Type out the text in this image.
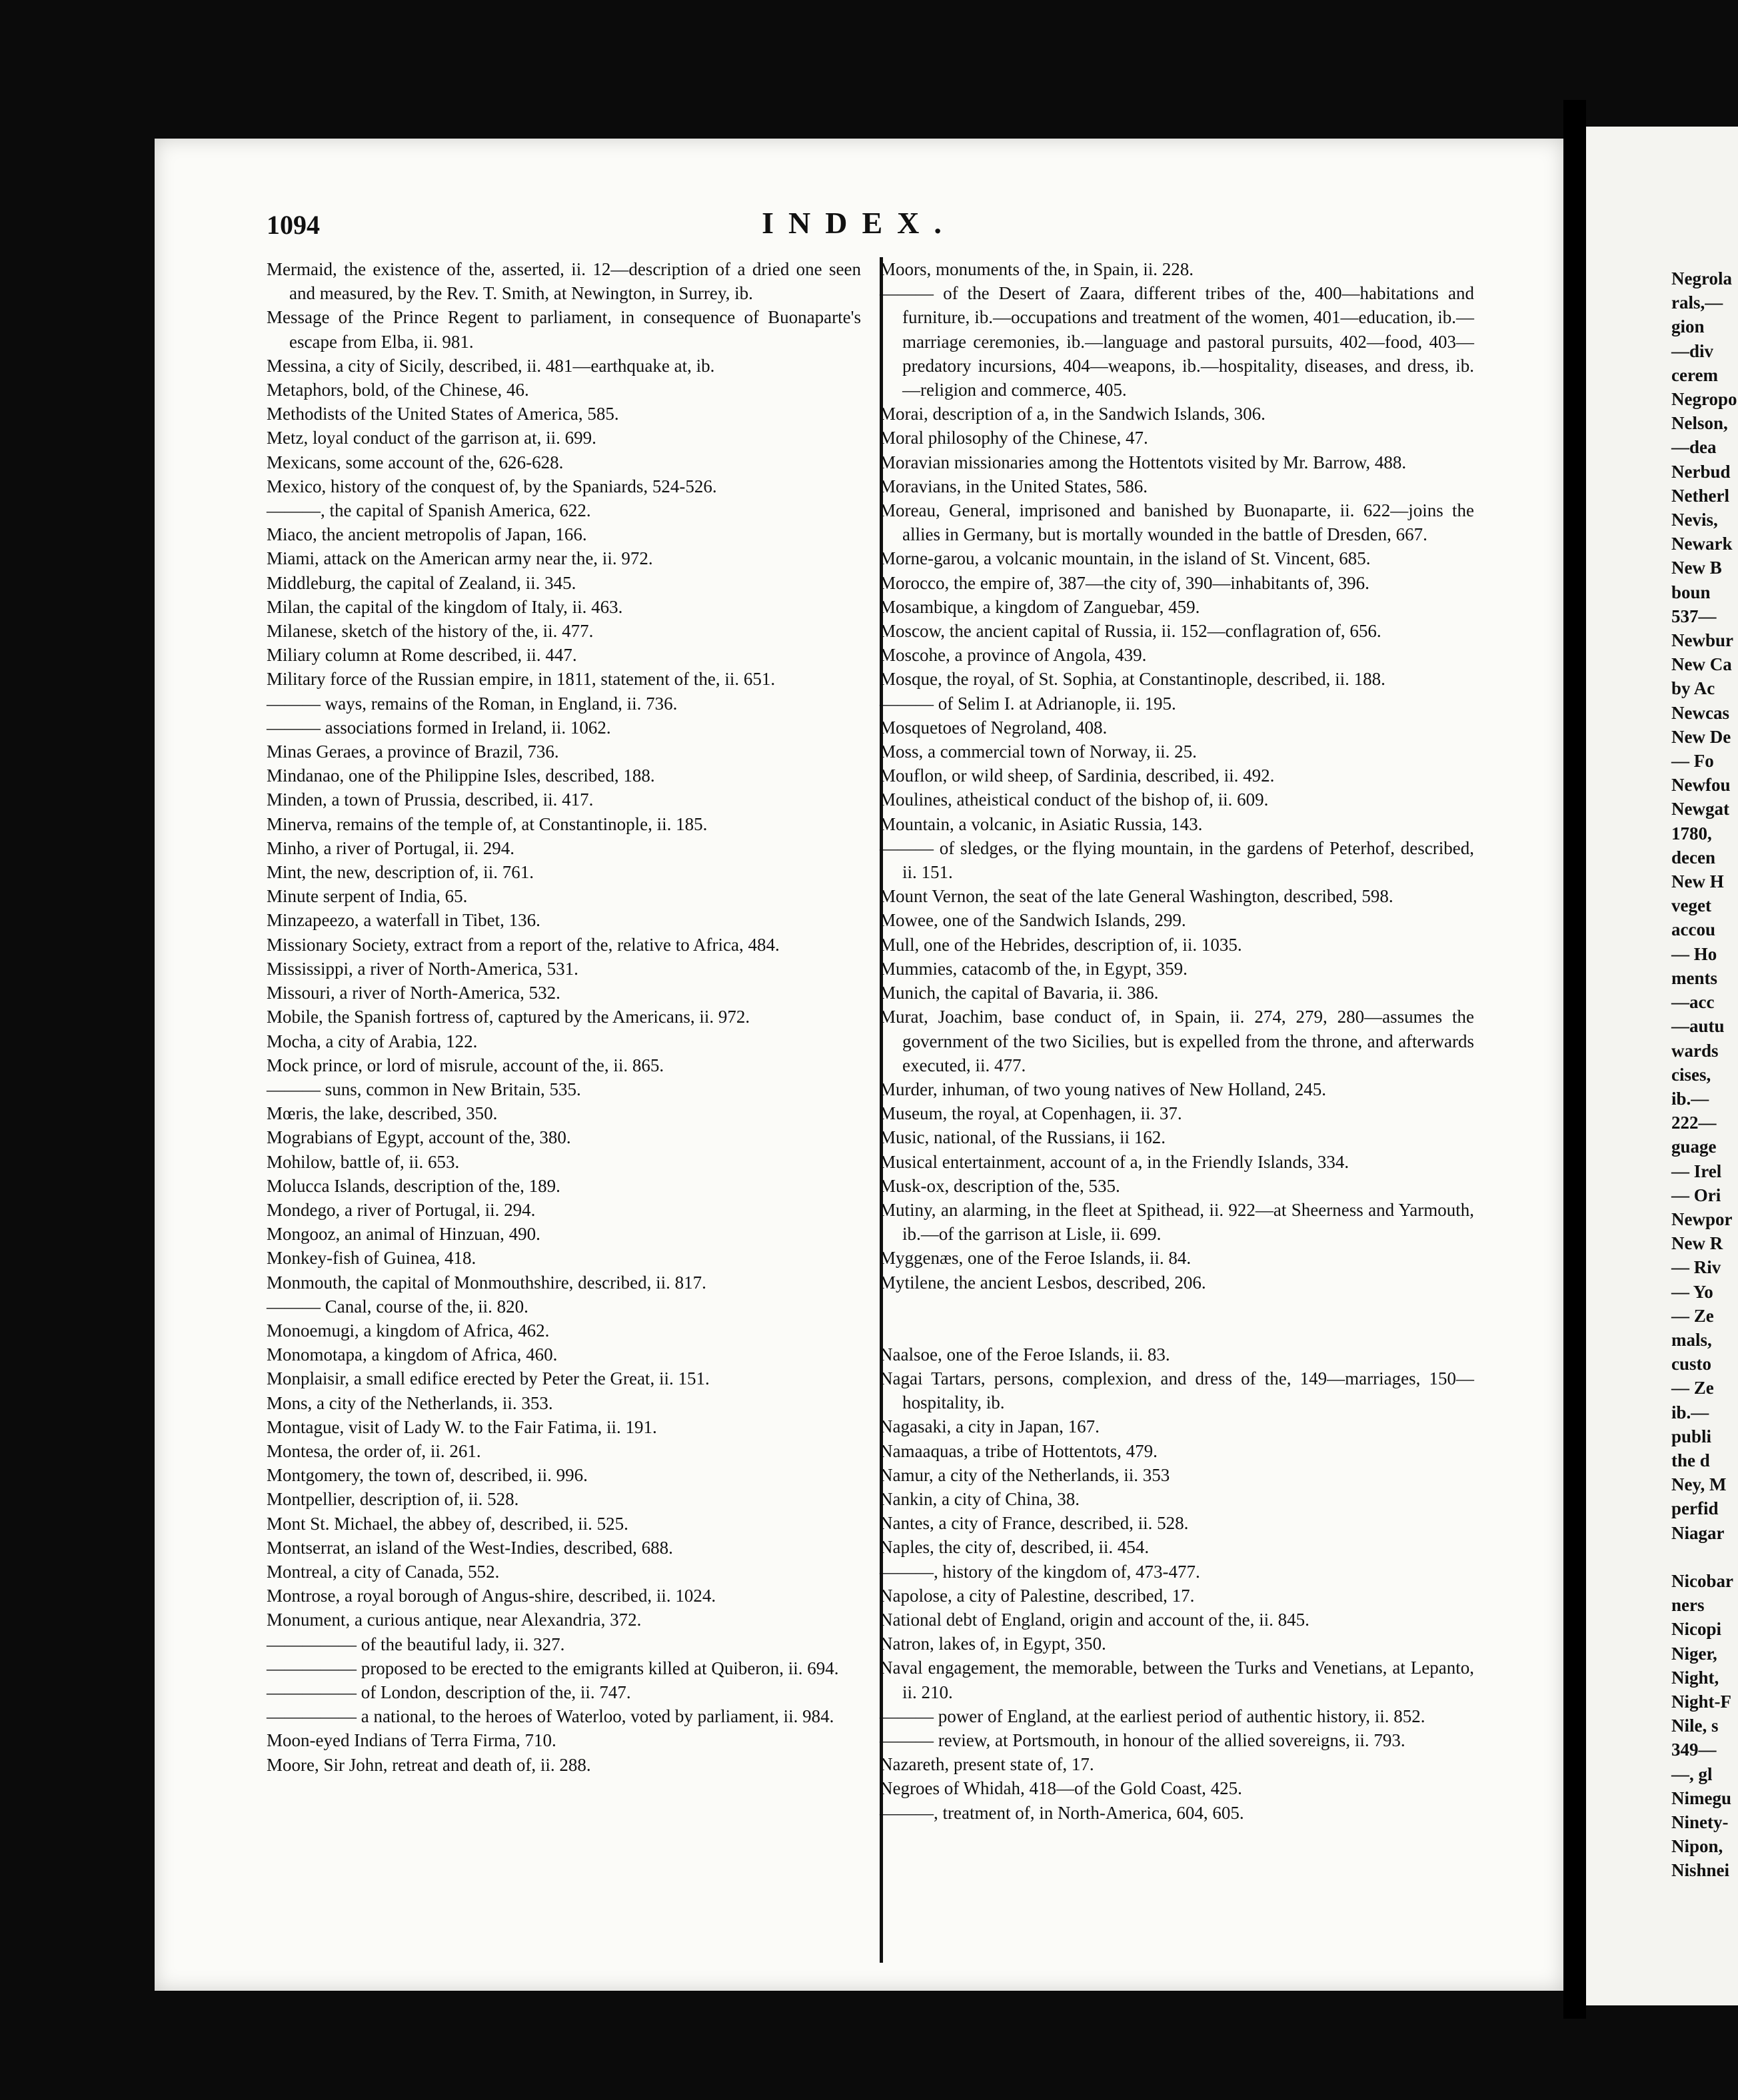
1094	INDEX.
Mermaid, the existence of the, asserted, ii. 12—description of a dried one seen and measured, by the Rev. T. Smith, at Newington, in Surrey, ib.
Message of the Prince Regent to parliament, in consequence of Buonaparte's escape from Elba, ii. 981.
Messina, a city of Sicily, described, ii. 481—earthquake at, ib.
Metaphors, bold, of the Chinese, 46.
Methodists of the United States of America, 585.
Metz, loyal conduct of the garrison at, ii. 699.
Mexicans, some account of the, 626-628.
Mexico, history of the conquest of, by the Spaniards, 524-526.
———, the capital of Spanish America, 622.
Miaco, the ancient metropolis of Japan, 166.
Miami, attack on the American army near the, ii. 972.
Middleburg, the capital of Zealand, ii. 345.
Milan, the capital of the kingdom of Italy, ii. 463.
Milanese, sketch of the history of the, ii. 477.
Miliary column at Rome described, ii. 447.
Military force of the Russian empire, in 1811, statement of the, ii. 651.
——— ways, remains of the Roman, in England, ii. 736.
——— associations formed in Ireland, ii. 1062.
Minas Geraes, a province of Brazil, 736.
Mindanao, one of the Philippine Isles, described, 188.
Minden, a town of Prussia, described, ii. 417.
Minerva, remains of the temple of, at Constantinople, ii. 185.
Minho, a river of Portugal, ii. 294.
Mint, the new, description of, ii. 761.
Minute serpent of India, 65.
Minzapeezo, a waterfall in Tibet, 136.
Missionary Society, extract from a report of the, relative to Africa, 484.
Mississippi, a river of North-America, 531.
Missouri, a river of North-America, 532.
Mobile, the Spanish fortress of, captured by the Americans, ii. 972.
Mocha, a city of Arabia, 122.
Mock prince, or lord of misrule, account of the, ii. 865.
——— suns, common in New Britain, 535.
Mœris, the lake, described, 350.
Mograbians of Egypt, account of the, 380.
Mohilow, battle of, ii. 653.
Molucca Islands, description of the, 189.
Mondego, a river of Portugal, ii. 294.
Mongooz, an animal of Hinzuan, 490.
Monkey-fish of Guinea, 418.
Monmouth, the capital of Monmouthshire, described, ii. 817.
——— Canal, course of the, ii. 820.
Monoemugi, a kingdom of Africa, 462.
Monomotapa, a kingdom of Africa, 460.
Monplaisir, a small edifice erected by Peter the Great, ii. 151.
Mons, a city of the Netherlands, ii. 353.
Montague, visit of Lady W. to the Fair Fatima, ii. 191.
Montesa, the order of, ii. 261.
Montgomery, the town of, described, ii. 996.
Montpellier, description of, ii. 528.
Mont St. Michael, the abbey of, described, ii. 525.
Montserrat, an island of the West-Indies, described, 688.
Montreal, a city of Canada, 552.
Montrose, a royal borough of Angus-shire, described, ii. 1024.
Monument, a curious antique, near Alexandria, 372.
————— of the beautiful lady, ii. 327.
————— proposed to be erected to the emigrants killed at Quiberon, ii. 694.
————— of London, description of the, ii. 747.
————— a national, to the heroes of Waterloo, voted by parliament, ii. 984.
Moon-eyed Indians of Terra Firma, 710.
Moore, Sir John, retreat and death of, ii. 288.
Moors, monuments of the, in Spain, ii. 228.
——— of the Desert of Zaara, different tribes of the, 400—habitations and furniture, ib.—occupations and treatment of the women, 401—education, ib.—marriage ceremonies, ib.—language and pastoral pursuits, 402—food, 403—predatory incursions, 404—weapons, ib.—hospitality, diseases, and dress, ib.—religion and commerce, 405.
Morai, description of a, in the Sandwich Islands, 306.
Moral philosophy of the Chinese, 47.
Moravian missionaries among the Hottentots visited by Mr. Barrow, 488.
Moravians, in the United States, 586.
Moreau, General, imprisoned and banished by Buonaparte, ii. 622—joins the allies in Germany, but is mortally wounded in the battle of Dresden, 667.
Morne-garou, a volcanic mountain, in the island of St. Vincent, 685.
Morocco, the empire of, 387—the city of, 390—inhabitants of, 396.
Mosambique, a kingdom of Zanguebar, 459.
Moscow, the ancient capital of Russia, ii. 152—conflagration of, 656.
Moscohe, a province of Angola, 439.
Mosque, the royal, of St. Sophia, at Constantinople, described, ii. 188.
——— of Selim I. at Adrianople, ii. 195.
Mosquetoes of Negroland, 408.
Moss, a commercial town of Norway, ii. 25.
Mouflon, or wild sheep, of Sardinia, described, ii. 492.
Moulines, atheistical conduct of the bishop of, ii. 609.
Mountain, a volcanic, in Asiatic Russia, 143.
——— of sledges, or the flying mountain, in the gardens of Peterhof, described, ii. 151.
Mount Vernon, the seat of the late General Washington, described, 598.
Mowee, one of the Sandwich Islands, 299.
Mull, one of the Hebrides, description of, ii. 1035.
Mummies, catacomb of the, in Egypt, 359.
Munich, the capital of Bavaria, ii. 386.
Murat, Joachim, base conduct of, in Spain, ii. 274, 279, 280—assumes the government of the two Sicilies, but is expelled from the throne, and afterwards executed, ii. 477.
Murder, inhuman, of two young natives of New Holland, 245.
Museum, the royal, at Copenhagen, ii. 37.
Music, national, of the Russians, ii 162.
Musical entertainment, account of a, in the Friendly Islands, 334.
Musk-ox, description of the, 535.
Mutiny, an alarming, in the fleet at Spithead, ii. 922—at Sheerness and Yarmouth, ib.—of the garrison at Lisle, ii. 699.
Myggenæs, one of the Feroe Islands, ii. 84.
Mytilene, the ancient Lesbos, described, 206.
Naalsoe, one of the Feroe Islands, ii. 83.
Nagai Tartars, persons, complexion, and dress of the, 149—marriages, 150—hospitality, ib.
Nagasaki, a city in Japan, 167.
Namaaquas, a tribe of Hottentots, 479.
Namur, a city of the Netherlands, ii. 353
Nankin, a city of China, 38.
Nantes, a city of France, described, ii. 528.
Naples, the city of, described, ii. 454.
———, history of the kingdom of, 473-477.
Napolose, a city of Palestine, described, 17.
National debt of England, origin and account of the, ii. 845.
Natron, lakes of, in Egypt, 350.
Naval engagement, the memorable, between the Turks and Venetians, at Lepanto, ii. 210.
——— power of England, at the earliest period of authentic history, ii. 852.
——— review, at Portsmouth, in honour of the allied sovereigns, ii. 793.
Nazareth, present state of, 17.
Negroes of Whidah, 418—of the Gold Coast, 425.
———, treatment of, in North-America, 604, 605.
Negrola
rals,—
gion
—div
cerem
Negropo
Nelson,
—dea
Nerbud
Netherl
Nevis,
Newark
New B
boun
537—
Newbur
New Ca
by Ac
Newcas
New De
— Fo
Newfou
Newgat
1780,
decen
New H
veget
accou
— Ho
ments
—acc
—autu
wards
cises,
ib.—
222—
guage
— Irel
— Ori
Newpor
New R
— Riv
— Yo
— Ze
mals,
custo
— Ze
ib.—
publi
the d
Ney, M
perfid
Niagar

Nicobar
ners
Nicopi
Niger,
Night,
Night-F
Nile, s
349—
—, gl
Nimegu
Ninety-
Nipon,
Nishnei
